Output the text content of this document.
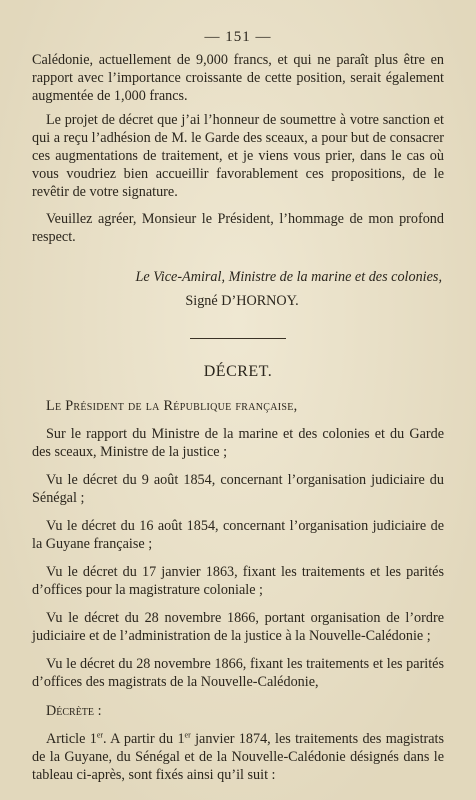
— 151 —

Calédonie, actuellement de 9,000 francs, et qui ne paraît plus être en rapport avec l’importance croissante de cette position, serait également augmentée de 1,000 francs.

Le projet de décret que j’ai l’honneur de soumettre à votre sanction et qui a reçu l’adhésion de M. le Garde des sceaux, a pour but de consacrer ces augmentations de traitement, et je viens vous prier, dans le cas où vous voudriez bien accueillir favorablement ces propositions, de le revêtir de votre signature.

Veuillez agréer, Monsieur le Président, l’hommage de mon profond respect.

Le Vice-Amiral, Ministre de la marine et des colonies,
Signé D’HORNOY.
DÉCRET.
Le Président de la République française,

Sur le rapport du Ministre de la marine et des colonies et du Garde des sceaux, Ministre de la justice ;

Vu le décret du 9 août 1854, concernant l’organisation judiciaire du Sénégal ;

Vu le décret du 16 août 1854, concernant l’organisation judiciaire de la Guyane française ;

Vu le décret du 17 janvier 1863, fixant les traitements et les parités d’offices pour la magistrature coloniale ;

Vu le décret du 28 novembre 1866, portant organisation de l’ordre judiciaire et de l’administration de la justice à la Nouvelle-Calédonie ;

Vu le décret du 28 novembre 1866, fixant les traitements et les parités d’offices des magistrats de la Nouvelle-Calédonie,

Décrète :

Article 1er. A partir du 1er janvier 1874, les traitements des magistrats de la Guyane, du Sénégal et de la Nouvelle-Calédonie désignés dans le tableau ci-après, sont fixés ainsi qu’il suit :
